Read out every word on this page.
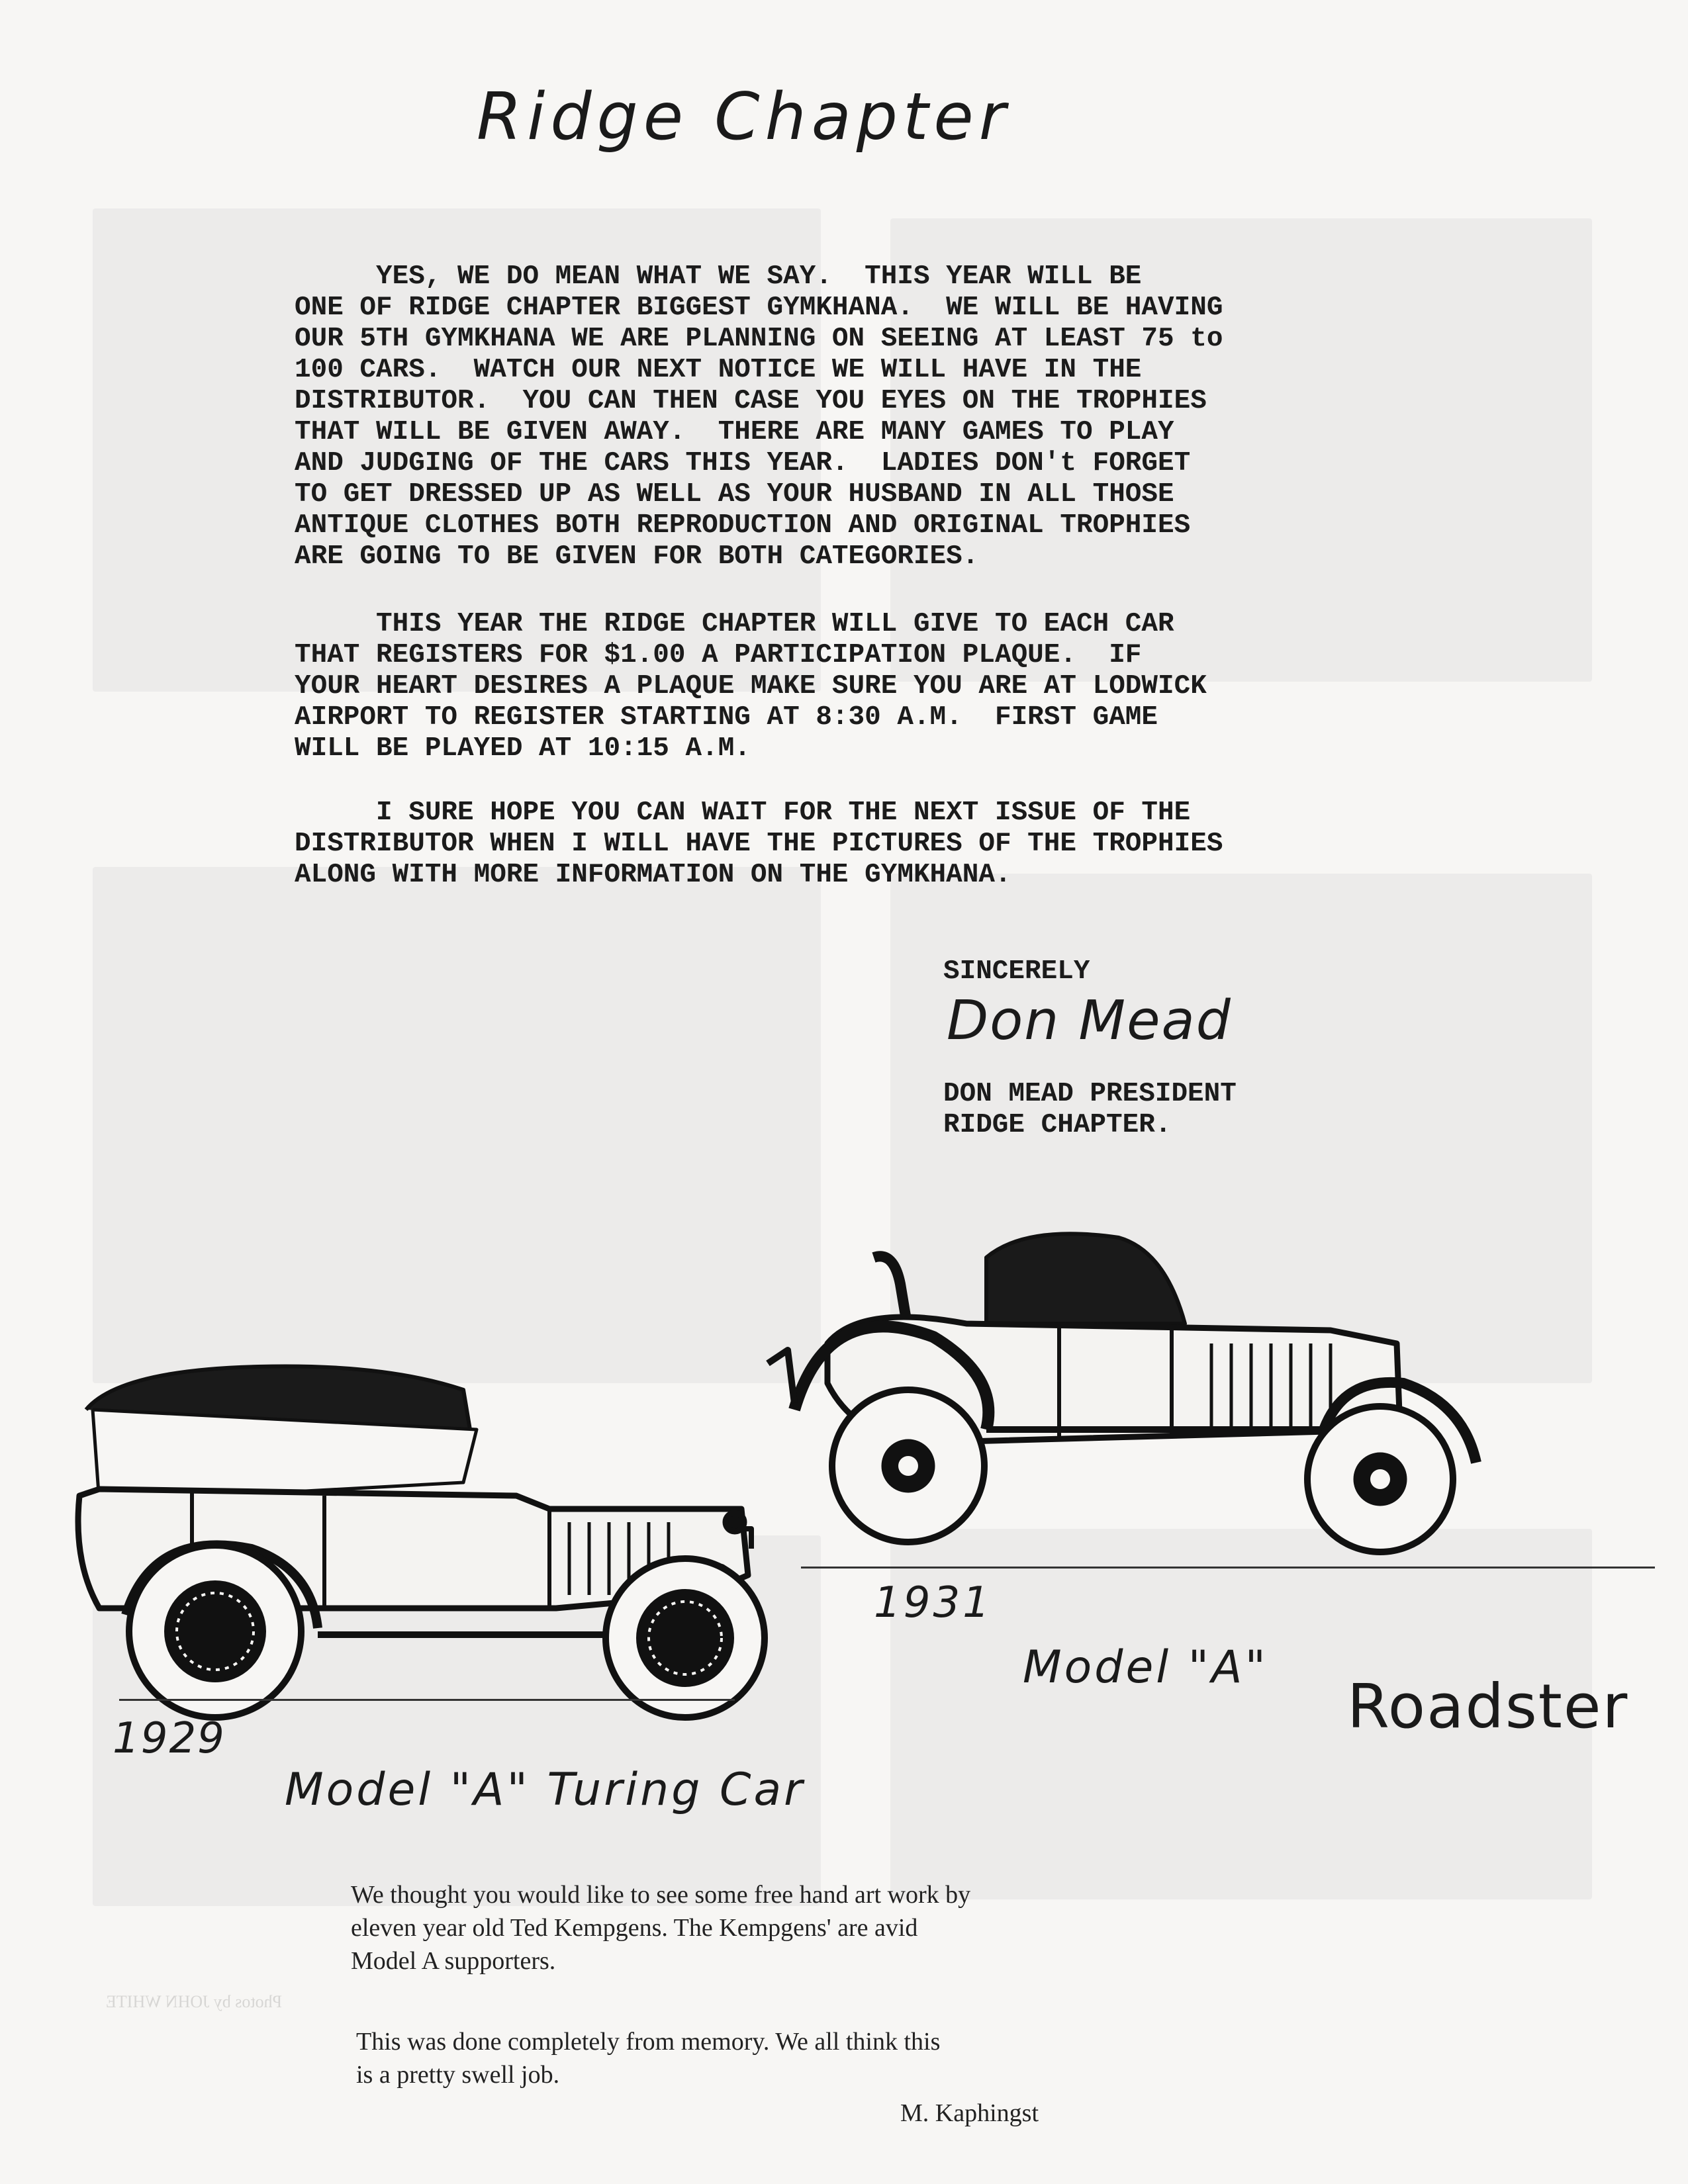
Photos by JOHN WHITE
Ridge Chapter
YES, WE DO MEAN WHAT WE SAY.  THIS YEAR WILL BE
ONE OF RIDGE CHAPTER BIGGEST GYMKHANA.  WE WILL BE HAVING
OUR 5TH GYMKHANA WE ARE PLANNING ON SEEING AT LEAST 75 to
100 CARS.  WATCH OUR NEXT NOTICE WE WILL HAVE IN THE
DISTRIBUTOR.  YOU CAN THEN CASE YOU EYES ON THE TROPHIES
THAT WILL BE GIVEN AWAY.  THERE ARE MANY GAMES TO PLAY
AND JUDGING OF THE CARS THIS YEAR.  LADIES DON't FORGET
TO GET DRESSED UP AS WELL AS YOUR HUSBAND IN ALL THOSE
ANTIQUE CLOTHES BOTH REPRODUCTION AND ORIGINAL TROPHIES
ARE GOING TO BE GIVEN FOR BOTH CATEGORIES.
THIS YEAR THE RIDGE CHAPTER WILL GIVE TO EACH CAR
THAT REGISTERS FOR $1.00 A PARTICIPATION PLAQUE.  IF
YOUR HEART DESIRES A PLAQUE MAKE SURE YOU ARE AT LODWICK
AIRPORT TO REGISTER STARTING AT 8:30 A.M.  FIRST GAME
WILL BE PLAYED AT 10:15 A.M.
I SURE HOPE YOU CAN WAIT FOR THE NEXT ISSUE OF THE
DISTRIBUTOR WHEN I WILL HAVE THE PICTURES OF THE TROPHIES
ALONG WITH MORE INFORMATION ON THE GYMKHANA.
SINCERELY
Don Mead
DON MEAD PRESIDENT
RIDGE CHAPTER.
1929
Model "A" Turing Car
1931
Model "A"
Roadster
We thought you would like to see some free hand art work by
eleven year old Ted Kempgens. The Kempgens' are avid
Model A supporters.
This was done completely from memory. We all think this
is a pretty swell job.
M. Kaphingst
